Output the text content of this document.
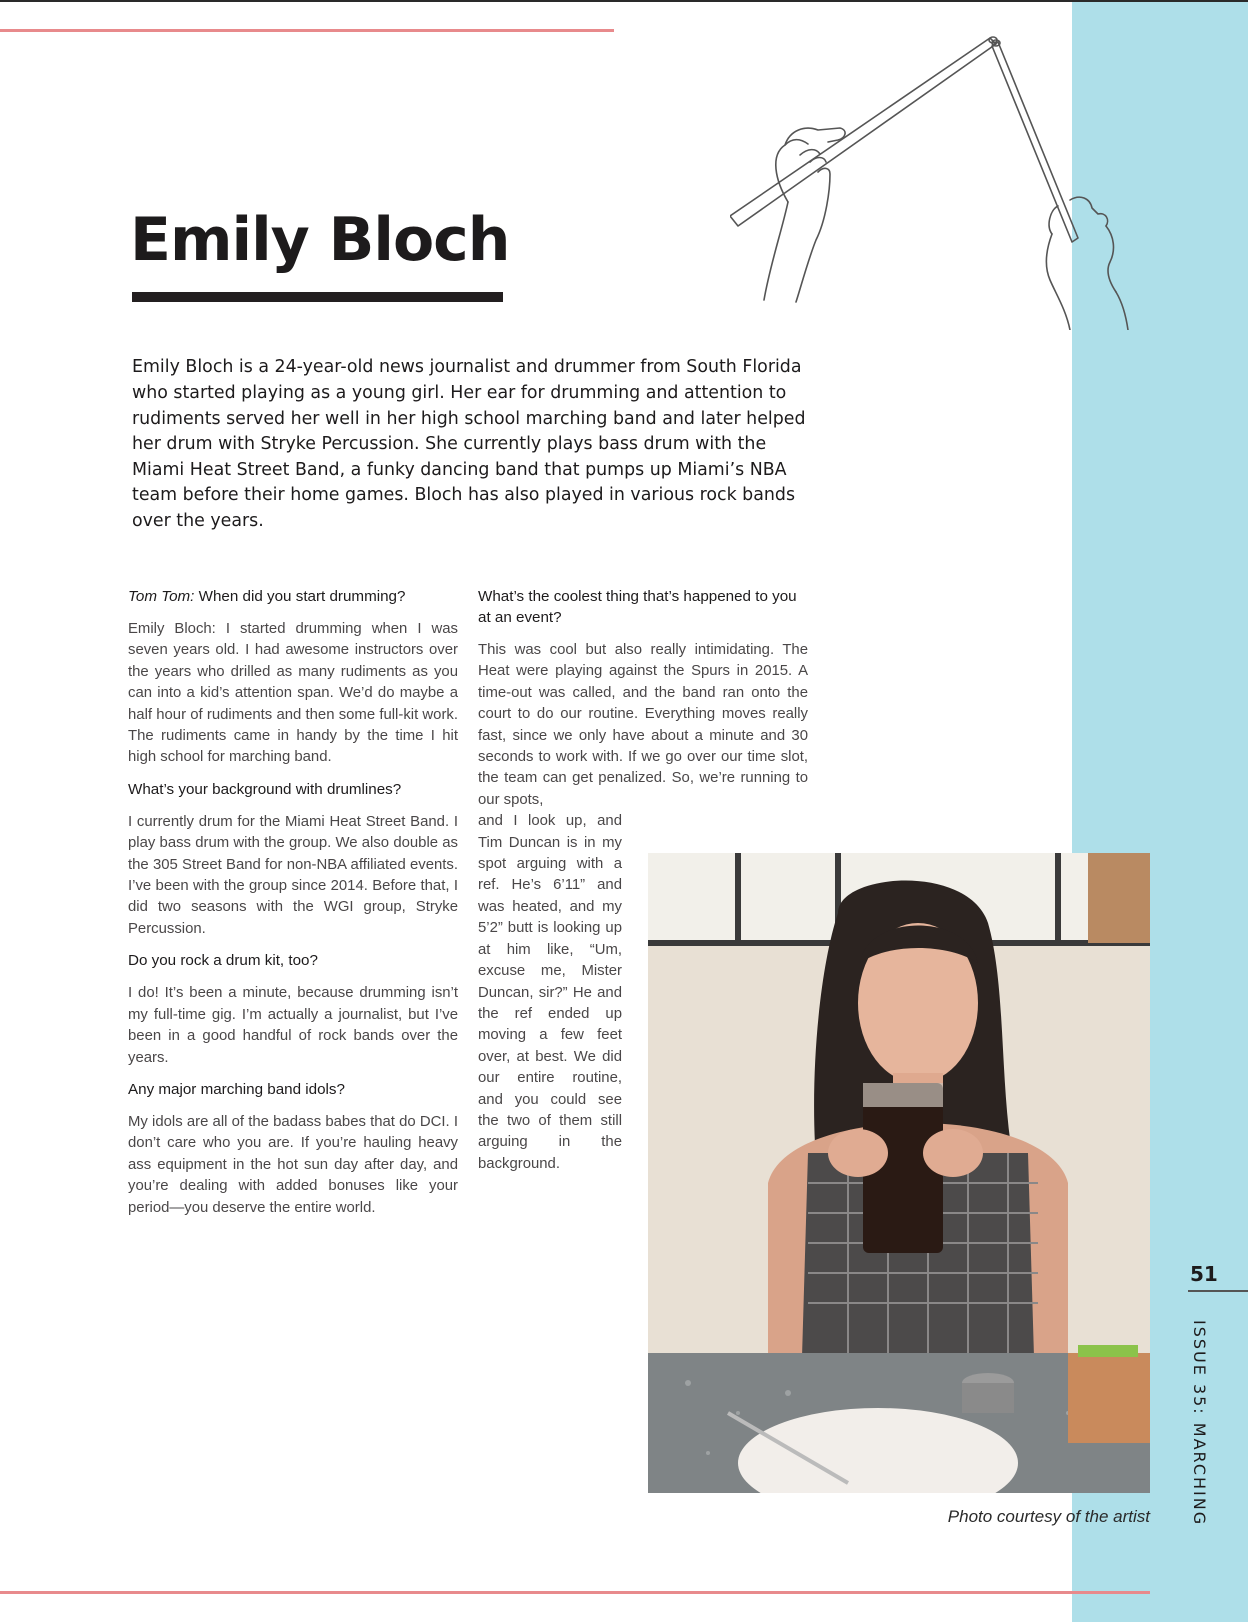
Emily Bloch

Emily Bloch is a 24-year-old news journalist and drummer from South Florida who started playing as a young girl. Her ear for drumming and attention to rudiments served her well in her high school marching band and later helped her drum with Stryke Percussion. She currently plays bass drum with the Miami Heat Street Band, a funky dancing band that pumps up Miami’s NBA team before their home games. Bloch has also played in various rock bands over the years.

Tom Tom: When did you start drumming?

Emily Bloch: I started drumming when I was seven years old. I had awesome instructors over the years who drilled as many rudiments as you can into a kid’s attention span. We’d do maybe a half hour of rudiments and then some full-kit work. The rudiments came in handy by the time I hit high school for marching band.

What’s your background with drumlines?

I currently drum for the Miami Heat Street Band. I play bass drum with the group. We also double as the 305 Street Band for non-NBA affiliated events. I’ve been with the group since 2014. Before that, I did two seasons with the WGI group, Stryke Percussion.

Do you rock a drum kit, too?

I do! It’s been a minute, because drumming isn’t my full-time gig. I’m actually a journalist, but I’ve been in a good handful of rock bands over the years.

Any major marching band idols?

My idols are all of the badass babes that do DCI. I don’t care who you are. If you’re hauling heavy ass equipment in the hot sun day after day, and you’re dealing with added bonuses like your period—you deserve the entire world.

What’s the coolest thing that’s happened to you at an event?

This was cool but also really intimidating. The Heat were playing against the Spurs in 2015. A time-out was called, and the band ran onto the court to do our routine. Everything moves really fast, since we only have about a minute and 30 seconds to work with. If we go over our time slot, the team can get penalized. So, we’re running to our spots,

and I look up, and Tim Duncan is in my spot arguing with a ref. He’s 6’11” and was heated, and my 5’2” butt is looking up at him like, “Um, excuse me, Mister Duncan, sir?” He and the ref ended up moving a few feet over, at best. We did our entire routine, and you could see the two of them still arguing in the background.

Photo courtesy of the artist
51
ISSUE 35: MARCHING
